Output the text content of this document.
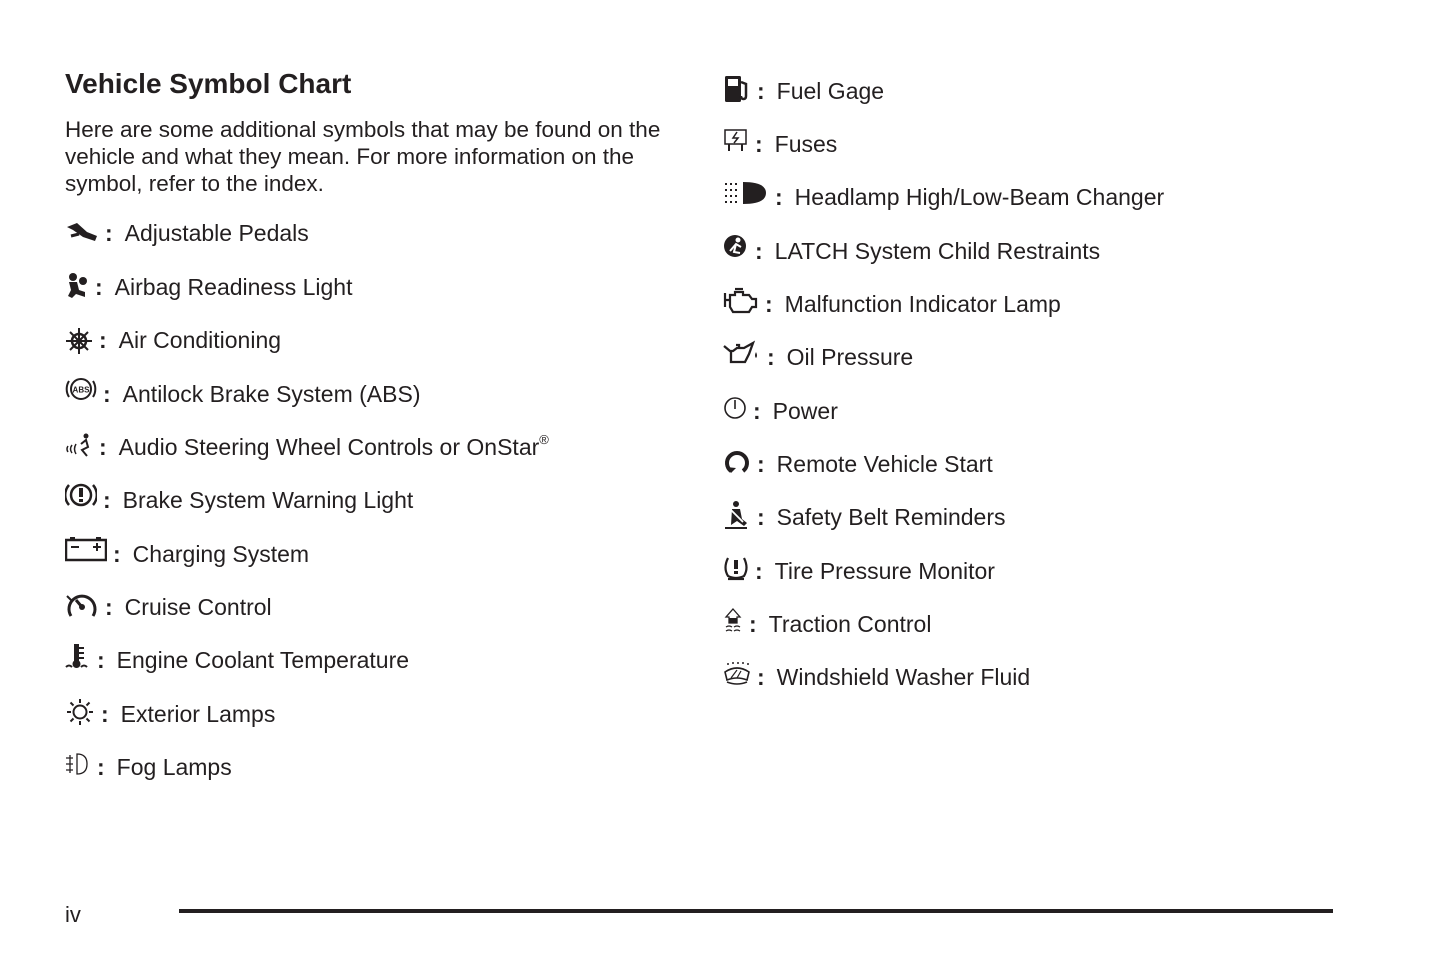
Vehicle Symbol Chart

Here are some additional symbols that may be found on the vehicle and what they mean. For more information on the symbol, refer to the index.

: Adjustable Pedals
: Airbag Readiness Light
: Air Conditioning
ABS : Antilock Brake System (ABS)
: Audio Steering Wheel Controls or OnStar®
: Brake System Warning Light
: Charging System
: Cruise Control
: Engine Coolant Temperature
: Exterior Lamps
: Fog Lamps
: Fuel Gage
: Fuses
: Headlamp High/Low-Beam Changer
: LATCH System Child Restraints
: Malfunction Indicator Lamp
: Oil Pressure
: Power
: Remote Vehicle Start
: Safety Belt Reminders
: Tire Pressure Monitor
: Traction Control
: Windshield Washer Fluid
iv
